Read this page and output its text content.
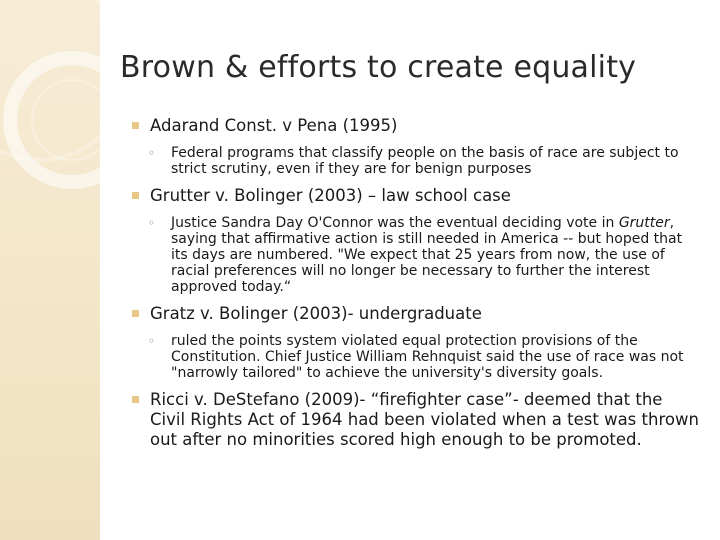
Brown & efforts to create equality
Adarand Const. v Pena (1995)
◦ Federal programs that classify people on the basis of race are subject to strict scrutiny, even if they are for benign purposes
Grutter v. Bolinger (2003) – law school case
◦ Justice Sandra Day O'Connor was the eventual deciding vote in Grutter, saying that affirmative action is still needed in America -- but hoped that its days are numbered. "We expect that 25 years from now, the use of racial preferences will no longer be necessary to further the interest approved today.“
Gratz v. Bolinger (2003)- undergraduate
◦ ruled the points system violated equal protection provisions of the Constitution. Chief Justice William Rehnquist said the use of race was not "narrowly tailored" to achieve the university's diversity goals.
Ricci v. DeStefano (2009)- “firefighter case”- deemed that the Civil Rights Act of 1964 had been violated when a test was thrown out after no minorities scored high enough to be promoted.
